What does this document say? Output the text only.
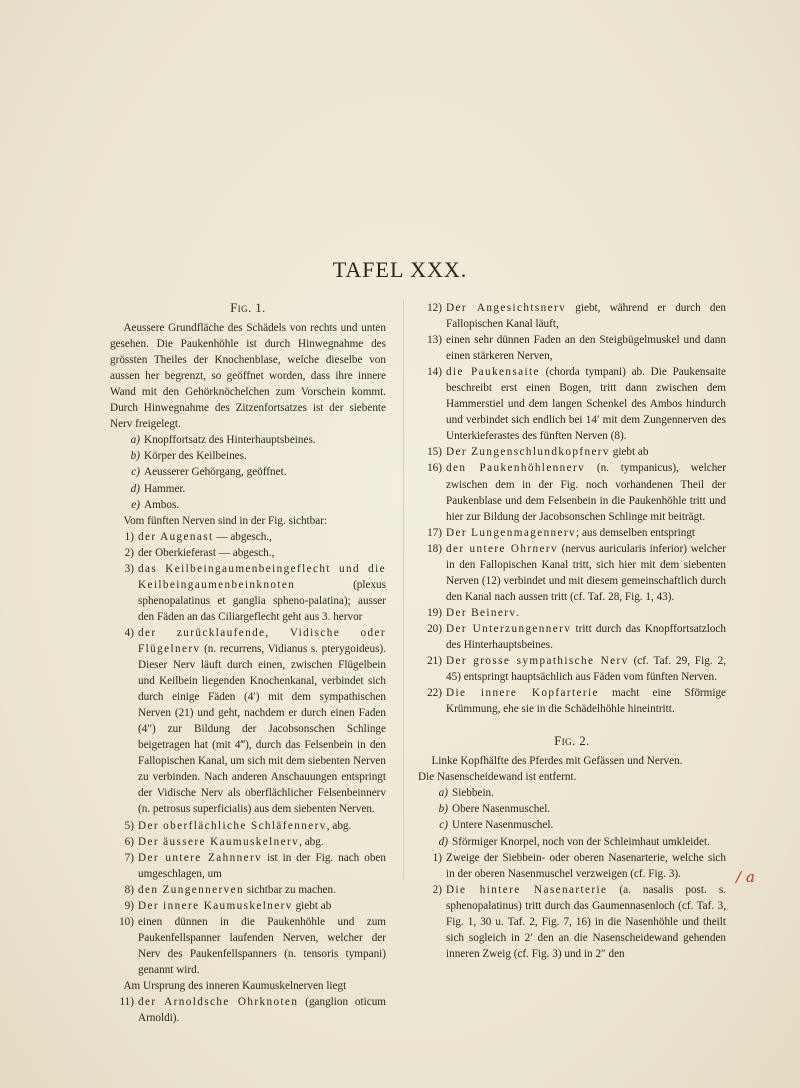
TAFEL XXX.
Fig. 1.

Aeussere Grundfläche des Schädels von rechts und unten gesehen. Die Paukenhöhle ist durch Hinwegnahme des grössten Theiles der Knochenblase, welche dieselbe von aussen her begrenzt, so geöffnet worden, dass ihre innere Wand mit den Gehörknöchelchen zum Vorschein kommt. Durch Hinwegnahme des Zitzenfortsatzes ist der siebente Nerv freigelegt.

a) Knopffortsatz des Hinterhauptsbeines.
b) Körper des Keilbeines.
c) Aeusserer Gehörgang, geöffnet.
d) Hammer.
e) Ambos.

Vom fünften Nerven sind in der Fig. sichtbar:

1) der Augenast — abgesch.,
2) der Oberkieferast — abgesch.,
3) das Keilbeingaumenbeingeflecht und die Keilbeingaumenbeinknoten (plexus sphenopalatinus et ganglia spheno-palatina); ausser den Fäden an das Ciliargeflecht geht aus 3. hervor
4) der zurücklaufende, Vidische oder Flügelnerv (n. recurrens, Vidianus s. pterygoideus). Dieser Nerv läuft durch einen, zwischen Flügelbein und Keilbein liegenden Knochenkanal, verbindet sich durch einige Fäden (4′) mit dem sympathischen Nerven (21) und geht, nachdem er durch einen Faden (4″) zur Bildung der Jacobsonschen Schlinge beigetragen hat (mit 4‴), durch das Felsenbein in den Fallopischen Kanal, um sich mit dem siebenten Nerven zu verbinden. Nach anderen Anschauungen entspringt der Vidische Nerv als oberflächlicher Felsenbeinnerv (n. petrosus superficialis) aus dem siebenten Nerven.
5) Der oberflächliche Schläfennerv, abg.
6) Der äussere Kaumuskelnerv, abg.
7) Der untere Zahnnerv ist in der Fig. nach oben umgeschlagen, um
8) den Zungennerven sichtbar zu machen.
9) Der innere Kaumuskelnerv giebt ab
10) einen dünnen in die Paukenhöhle und zum Paukenfellspanner laufenden Nerven, welcher der Nerv des Paukenfellspanners (n. tensoris tympani) genannt wird.

Am Ursprung des inneren Kaumuskelnerven liegt

11) der Arnoldsche Ohrknoten (ganglion oticum Arnoldi).
12) Der Angesichtsnerv giebt, während er durch den Fallopischen Kanal läuft,
13) einen sehr dünnen Faden an den Steigbügelmuskel und dann einen stärkeren Nerven,
14) die Paukensaite (chorda tympani) ab. Die Paukensaite beschreibt erst einen Bogen, tritt dann zwischen dem Hammerstiel und dem langen Schenkel des Ambos hindurch und verbindet sich endlich bei 14′ mit dem Zungennerven des Unterkieferastes des fünften Nerven (8).
15) Der Zungenschlundkopfnerv giebt ab
16) den Paukenhöhlennerv (n. tympanicus), welcher zwischen dem in der Fig. noch vorhandenen Theil der Paukenblase und dem Felsenbein in die Paukenhöhle tritt und hier zur Bildung der Jacobsonschen Schlinge mit beiträgt.
17) Der Lungenmagennerv; aus demselben entspringt
18) der untere Ohrnerv (nervus auricularis inferior) welcher in den Fallopischen Kanal tritt, sich hier mit dem siebenten Nerven (12) verbindet und mit diesem gemeinschaftlich durch den Kanal nach aussen tritt (cf. Taf. 28, Fig. 1, 43).
19) Der Beinerv.
20) Der Unterzungennerv tritt durch das Knopffortsatzloch des Hinterhauptsbeines.
21) Der grosse sympathische Nerv (cf. Taf. 29, Fig. 2, 45) entspringt hauptsächlich aus Fäden vom fünften Nerven.
22) Die innere Kopfarterie macht eine Sförmige Krümmung, ehe sie in die Schädelhöhle hineintritt.
Fig. 2.

Linke Kopfhälfte des Pferdes mit Gefässen und Nerven.

Die Nasenscheidewand ist entfernt.

a) Siebbein.
b) Obere Nasenmuschel.
c) Untere Nasenmuschel.
d) Sförmiger Knorpel, noch von der Schleimhaut umkleidet.
1) Zweige der Siebbein- oder oberen Nasenarterie, welche sich in der oberen Nasenmuschel verzweigen (cf. Fig. 3).
2) Die hintere Nasenarterie (a. nasalis post. s. sphenopalatinus) tritt durch das Gaumennasenloch (cf. Taf. 3, Fig. 1, 30 u. Taf. 2, Fig. 7, 16) in die Nasenhöhle und theilt sich sogleich in 2′ den an die Nasenscheidewand gehenden inneren Zweig (cf. Fig. 3) und in 2″ den
/ a
